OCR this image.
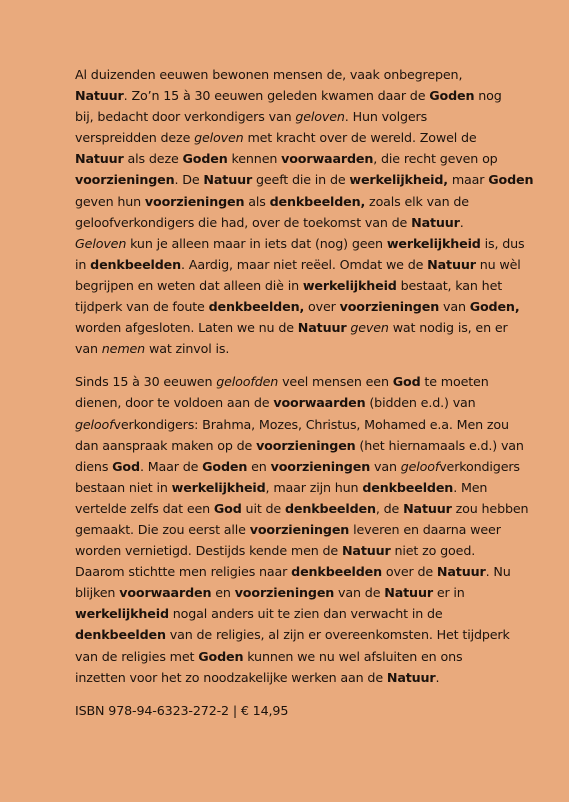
Al duizenden eeuwen bewonen mensen de, vaak onbegrepen,
Natuur. Zo’n 15 à 30 eeuwen geleden kwamen daar de Goden nog
bij, bedacht door verkondigers van geloven. Hun volgers
verspreidden deze geloven met kracht over de wereld. Zowel de
Natuur als deze Goden kennen voorwaarden, die recht geven op
voorzieningen. De Natuur geeft die in de werkelijkheid, maar Goden
geven hun voorzieningen als denkbeelden, zoals elk van de
geloofverkondigers die had, over de toekomst van de Natuur.
Geloven kun je alleen maar in iets dat (nog) geen werkelijkheid is, dus
in denkbeelden. Aardig, maar niet reëel. Omdat we de Natuur nu wèl
begrijpen en weten dat alleen diè in werkelijkheid bestaat, kan het
tijdperk van de foute denkbeelden, over voorzieningen van Goden,
worden afgesloten. Laten we nu de Natuur geven wat nodig is, en er
van nemen wat zinvol is.

Sinds 15 à 30 eeuwen geloofden veel mensen een God te moeten
dienen, door te voldoen aan de voorwaarden (bidden e.d.) van
geloofverkondigers: Brahma, Mozes, Christus, Mohamed e.a. Men zou
dan aanspraak maken op de voorzieningen (het hiernamaals e.d.) van
diens God. Maar de Goden en voorzieningen van geloofverkondigers
bestaan niet in werkelijkheid, maar zijn hun denkbeelden. Men
vertelde zelfs dat een God uit de denkbeelden, de Natuur zou hebben
gemaakt. Die zou eerst alle voorzieningen leveren en daarna weer
worden vernietigd. Destijds kende men de Natuur niet zo goed.
Daarom stichtte men religies naar denkbeelden over de Natuur. Nu
blijken voorwaarden en voorzieningen van de Natuur er in
werkelijkheid nogal anders uit te zien dan verwacht in de
denkbeelden van de religies, al zijn er overeenkomsten. Het tijdperk
van de religies met Goden kunnen we nu wel afsluiten en ons
inzetten voor het zo noodzakelijke werken aan de Natuur.

ISBN 978-94-6323-272-2 | € 14,95
